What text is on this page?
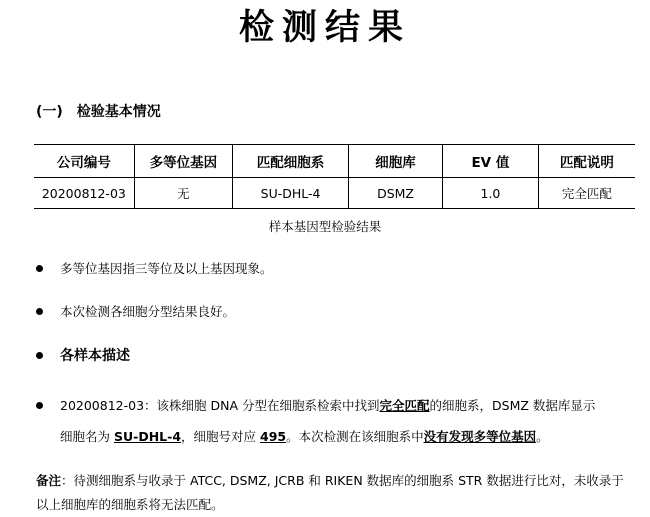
检测结果
(一) 检验基本情况
公司编号	多等位基因	匹配细胞系	细胞库	EV 值	匹配说明
20200812-03	无	SU-DHL-4	DSMZ	1.0	完全匹配
样本基因型检验结果
多等位基因指三等位及以上基因现象。
本次检测各细胞分型结果良好。
各样本描述
20200812-03：该株细胞 DNA 分型在细胞系检索中找到完全匹配的细胞系，DSMZ 数据库显示
细胞名为 SU-DHL-4，细胞号对应 495。本次检测在该细胞系中没有发现多等位基因。
备注：待测细胞系与收录于 ATCC, DSMZ, JCRB 和 RIKEN 数据库的细胞系 STR 数据进行比对，未收录于以上细胞库的细胞系将无法匹配。
